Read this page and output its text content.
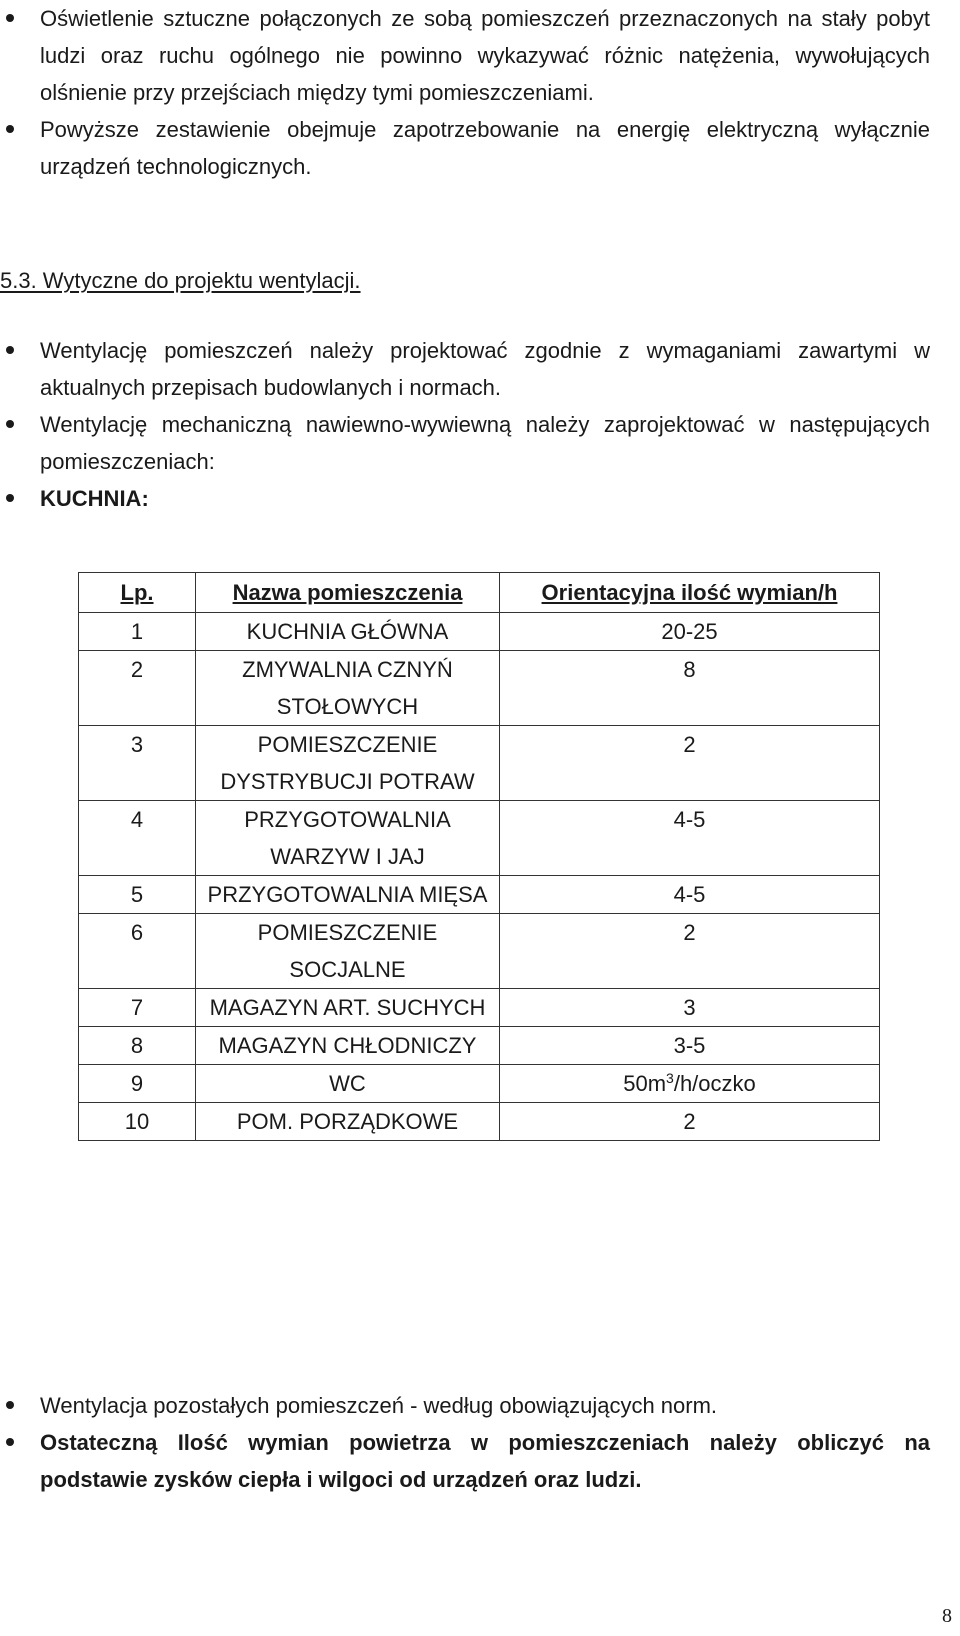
Oświetlenie sztuczne połączonych ze sobą pomieszczeń przeznaczonych na stały pobyt ludzi oraz ruchu ogólnego nie powinno wykazywać różnic natężenia, wywołujących olśnienie przy przejściach między tymi pomieszczeniami.
Powyższe zestawienie obejmuje zapotrzebowanie na energię elektryczną wyłącznie urządzeń technologicznych.
5.3. Wytyczne do projektu wentylacji.
Wentylację pomieszczeń należy projektować zgodnie z wymaganiami zawartymi w aktualnych przepisach budowlanych i normach.
Wentylację mechaniczną nawiewno-wywiewną należy zaprojektować w następujących pomieszczeniach:
KUCHNIA:
Lp.	Nazwa pomieszczenia	Orientacyjna ilość wymian/h
1	KUCHNIA GŁÓWNA	20-25
2	ZMYWALNIA CZNYŃ STOŁOWYCH	8
3	POMIESZCZENIE DYSTRYBUCJI POTRAW	2
4	PRZYGOTOWALNIA WARZYW I JAJ	4-5
5	PRZYGOTOWALNIA MIĘSA	4-5
6	POMIESZCZENIE SOCJALNE	2
7	MAGAZYN ART. SUCHYCH	3
8	MAGAZYN CHŁODNICZY	3-5
9	WC	$50m^3/h$/oczko
10	POM. PORZĄDKOWE	2
Wentylacja pozostałych pomieszczeń - według obowiązujących norm.
Ostateczną Ilość wymian powietrza w pomieszczeniach należy obliczyć na podstawie zysków ciepła i wilgoci od urządzeń oraz ludzi.
8
